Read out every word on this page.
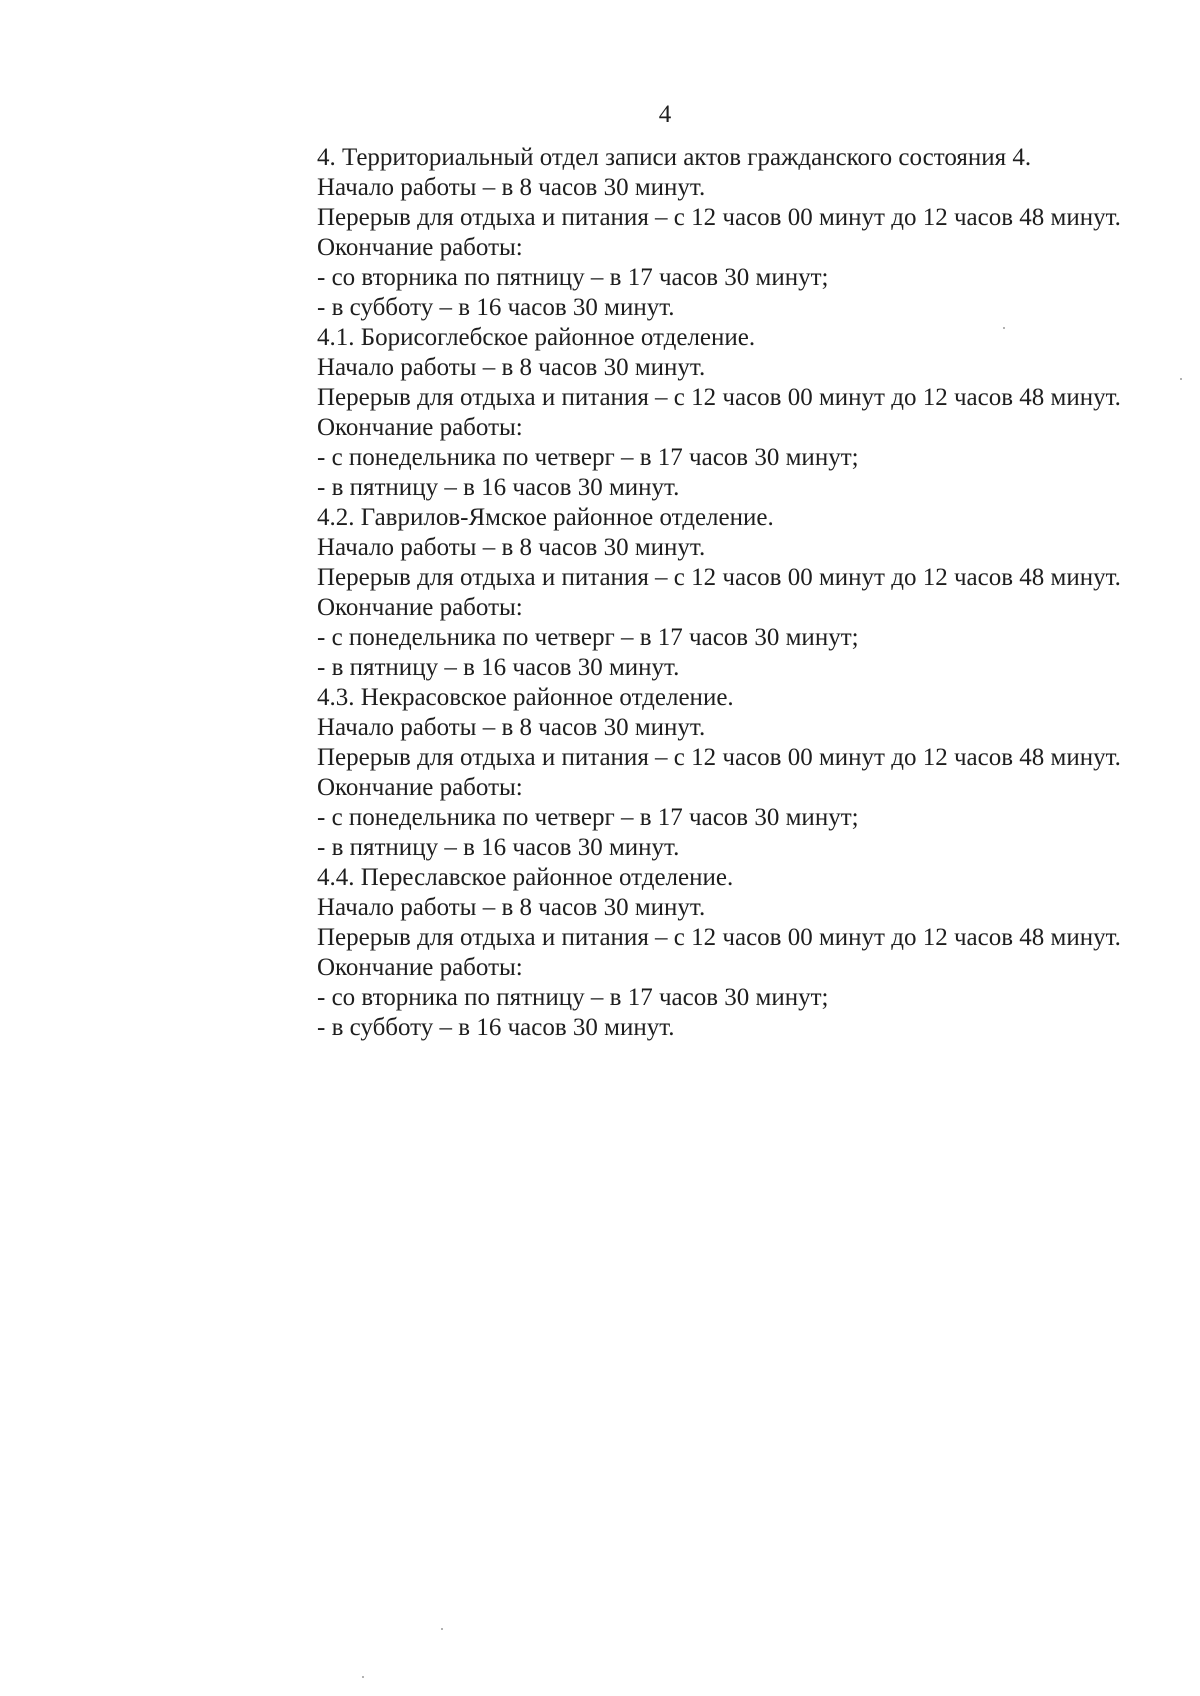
4

4. Территориальный отдел записи актов гражданского состояния 4.

Начало работы – в 8 часов 30 минут.

Перерыв для отдыха и питания – с 12 часов 00 минут до 12 часов 48 минут.

Окончание работы:

- со вторника по пятницу – в 17 часов 30 минут;

- в субботу – в 16 часов 30 минут.

4.1. Борисоглебское районное отделение.

Начало работы – в 8 часов 30 минут.

Перерыв для отдыха и питания – с 12 часов 00 минут до 12 часов 48 минут.

Окончание работы:

- с понедельника по четверг – в 17 часов 30 минут;

- в пятницу – в 16 часов 30 минут.

4.2. Гаврилов-Ямское районное отделение.

Начало работы – в 8 часов 30 минут.

Перерыв для отдыха и питания – с 12 часов 00 минут до 12 часов 48 минут.

Окончание работы:

- с понедельника по четверг – в 17 часов 30 минут;

- в пятницу – в 16 часов 30 минут.

4.3. Некрасовское районное отделение.

Начало работы – в 8 часов 30 минут.

Перерыв для отдыха и питания – с 12 часов 00 минут до 12 часов 48 минут.

Окончание работы:

- с понедельника по четверг – в 17 часов 30 минут;

- в пятницу – в 16 часов 30 минут.

4.4. Переславское районное отделение.

Начало работы – в 8 часов 30 минут.

Перерыв для отдыха и питания – с 12 часов 00 минут до 12 часов 48 минут.

Окончание работы:

- со вторника по пятницу – в 17 часов 30 минут;

- в субботу – в 16 часов 30 минут.
